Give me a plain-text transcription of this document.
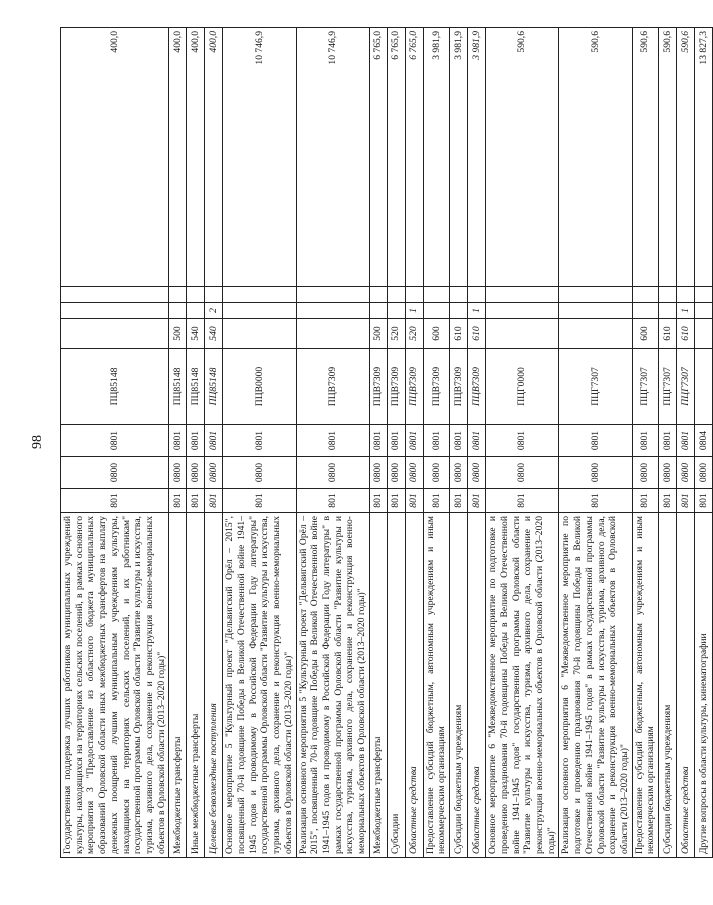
98
Государственная поддержка лучших работников муниципальных учреждений культуры, находящихся на территориях сельских поселений, в рамках основного мероприятия 3 "Предоставление из областного бюджета муниципальных образований Орловской области иных межбюджетных трансфертов на выплату денежных поощрений лучшим муниципальным учреждениям культуры, находящимся на территориях сельских поселений, и их работникам" государственной программы Орловской области "Развитие культуры и искусства, туризма, архивного дела, сохранение и реконструкция военно-мемориальных объектов в Орловской области (2013–2020 годы)"	801	0800	0801	ПЦ85148				400,0
Межбюджетные трансферты	801	0800	0801	ПЦ85148	500			400,0
Иные межбюджетные трансферты	801	0800	0801	ПЦ85148	540			400,0
Целевые безвозмездные поступления	801	0800	0801	ПЦ85148	540	2		400,0
Основное мероприятие 5 "Культурный проект "Дельвигский Орёл – 2015", посвященный 70-й годовщине Победы в Великой Отечественной войне 1941–1945 годов и проводимому в Российской Федерации Году литературы" государственной программы Орловской области "Развитие культуры и искусства, туризма, архивного дела, сохранение и реконструкция военно-мемориальных объектов в Орловской области (2013–2020 годы)"	801	0800	0801	ПЦВ0000				10 746,9
Реализация основного мероприятия 5 "Культурный проект "Дельвигский Орёл – 2015", посвященный 70-й годовщине Победы в Великой Отечественной войне 1941–1945 годов и проводимому в Российской Федерации Году литературы" в рамках государственной программы Орловской области "Развитие культуры и искусства, туризма, архивного дела, сохранение и реконструкция военно-мемориальных объектов в Орловской области (2013–2020 годы)"	801	0800	0801	ПЦВ7309				10 746,9
Межбюджетные трансферты	801	0800	0801	ПЦВ7309	500			6 765,0
Субсидии	801	0800	0801	ПЦВ7309	520			6 765,0
Областные средства	801	0800	0801	ПЦВ7309	520	1		6 765,0
Предоставление субсидий бюджетным, автономным учреждениям и иным некоммерческим организациям	801	0800	0801	ПЦВ7309	600			3 981,9
Субсидии бюджетным учреждениям	801	0800	0801	ПЦВ7309	610			3 981,9
Областные средства	801	0800	0801	ПЦВ7309	610	1		3 981,9
Основное мероприятие 6 "Межведомственное мероприятие по подготовке и проведению празднования 70-й годовщины Победы в Великой Отечественной войне 1941–1945 годов" государственной программы Орловской области "Развитие культуры и искусства, туризма, архивного дела, сохранение и реконструкция военно-мемориальных объектов в Орловской области (2013–2020 годы)"	801	0800	0801	ПЦГ0000				590,6
Реализация основного мероприятия 6 "Межведомственное мероприятие по подготовке и проведению празднования 70-й годовщины Победы в Великой Отечественной войне 1941–1945 годов" в рамках государственной программы Орловской области "Развитие культуры и искусства, туризма, архивного дела, сохранение и реконструкция военно-мемориальных объектов в Орловской области (2013–2020 годы)"	801	0800	0801	ПЦГ7307				590,6
Предоставление субсидий бюджетным, автономным учреждениям и иным некоммерческим организациям	801	0800	0801	ПЦГ7307	600			590,6
Субсидии бюджетным учреждениям	801	0800	0801	ПЦГ7307	610			590,6
Областные средства	801	0800	0801	ПЦГ7307	610	1		590,6
Другие вопросы в области культуры, кинематографии	801	0800	0804					13 827,3
